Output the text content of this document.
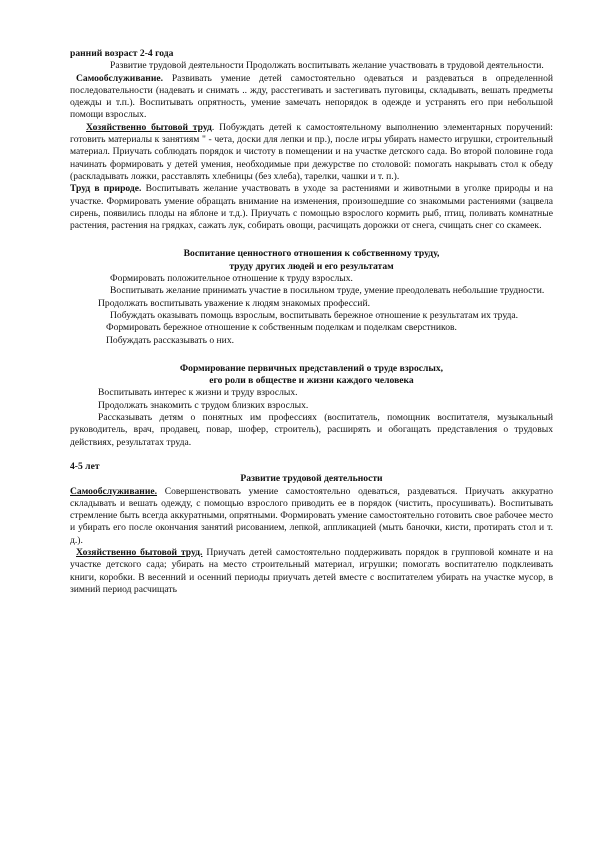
ранний возраст 2-4 года

Развитие трудовой деятельности Продолжать воспитывать желание участвовать в трудовой деятельности.

Самообслуживание. Развивать умение детей самостоятельно одеваться и раздеваться в определенной последовательности (надевать и снимать .. жду, расстегивать и застегивать пуговицы, складывать, вешать предметы одежды и т.п.). Воспитывать опрятность, умение замечать непорядок в одежде и устранять его при небольшой помощи взрослых.

Хозяйственно бытовой труд. Побуждать детей к самостоятельному выполнению элементарных поручений: готовить материалы к занятиям " - чета, доски для лепки и пр.), после игры убирать наместо игрушки, строительный материал. Приучать соблюдать порядок и чистоту в помещении и на участке детского сада. Во второй половине года начинать формировать у детей умения, необходимые при дежурстве по столовой: помогать накрывать стол к обеду (раскладывать ложки, расставлять хлебницы (без хлеба), тарелки, чашки и т. п.).

Труд в природе. Воспитывать желание участвовать в уходе за растениями и животными в уголке природы и на участке. Формировать умение обращать внимание на изменения, произошедшие со знакомыми растениями (зацвела сирень, появились плоды на яблоне и т.д.). Приучать с помощью взрослого кормить рыб, птиц, поливать комнатные растения, растения на грядках, сажать лук, собирать овощи, расчищать дорожки от снега, счищать снег со скамеек.

Воспитание ценностного отношения к собственному труду,

труду других людей и его результатам

Формировать положительное отношение к труду взрослых.

Воспитывать желание принимать участие в посильном труде, умение преодолевать небольшие трудности.

Продолжать воспитывать уважение к людям знакомых профессий.

Побуждать оказывать помощь взрослым, воспитывать бережное отношение к результатам их труда.

Формировать бережное отношение к собственным поделкам и поделкам сверстников.

Побуждать рассказывать о них.

Формирование первичных представлений о труде взрослых,

его роли в обществе и жизни каждого человека

Воспитывать интерес к жизни и труду взрослых.

Продолжать знакомить с трудом близких взрослых.

Рассказывать детям о понятных им профессиях (воспитатель, помощник воспитателя, музыкальный руководитель, врач, продавец, повар, шофер, строитель), расширять и обогащать представления о трудовых действиях, результатах труда.

4-5 лет

Развитие трудовой деятельности

Самообслуживание. Совершенствовать умение самостоятельно одеваться, раздеваться. Приучать аккуратно складывать и вешать одежду, с помощью взрослого приводить ее в порядок (чистить, просушивать). Воспитывать стремление быть всегда аккуратными, опрятными. Формировать умение самостоятельно готовить свое рабочее место и убирать его после окончания занятий рисованием, лепкой, аппликацией (мыть баночки, кисти, протирать стол и т. д.).

Хозяйственно бытовой труд. Приучать детей самостоятельно поддерживать порядок в групповой комнате и на участке детского сада; убирать на место строительный материал, игрушки; помогать воспитателю подклеивать книги, коробки. В весенний и осенний периоды приучать детей вместе с воспитателем убирать на участке мусор, в зимний период расчищать
